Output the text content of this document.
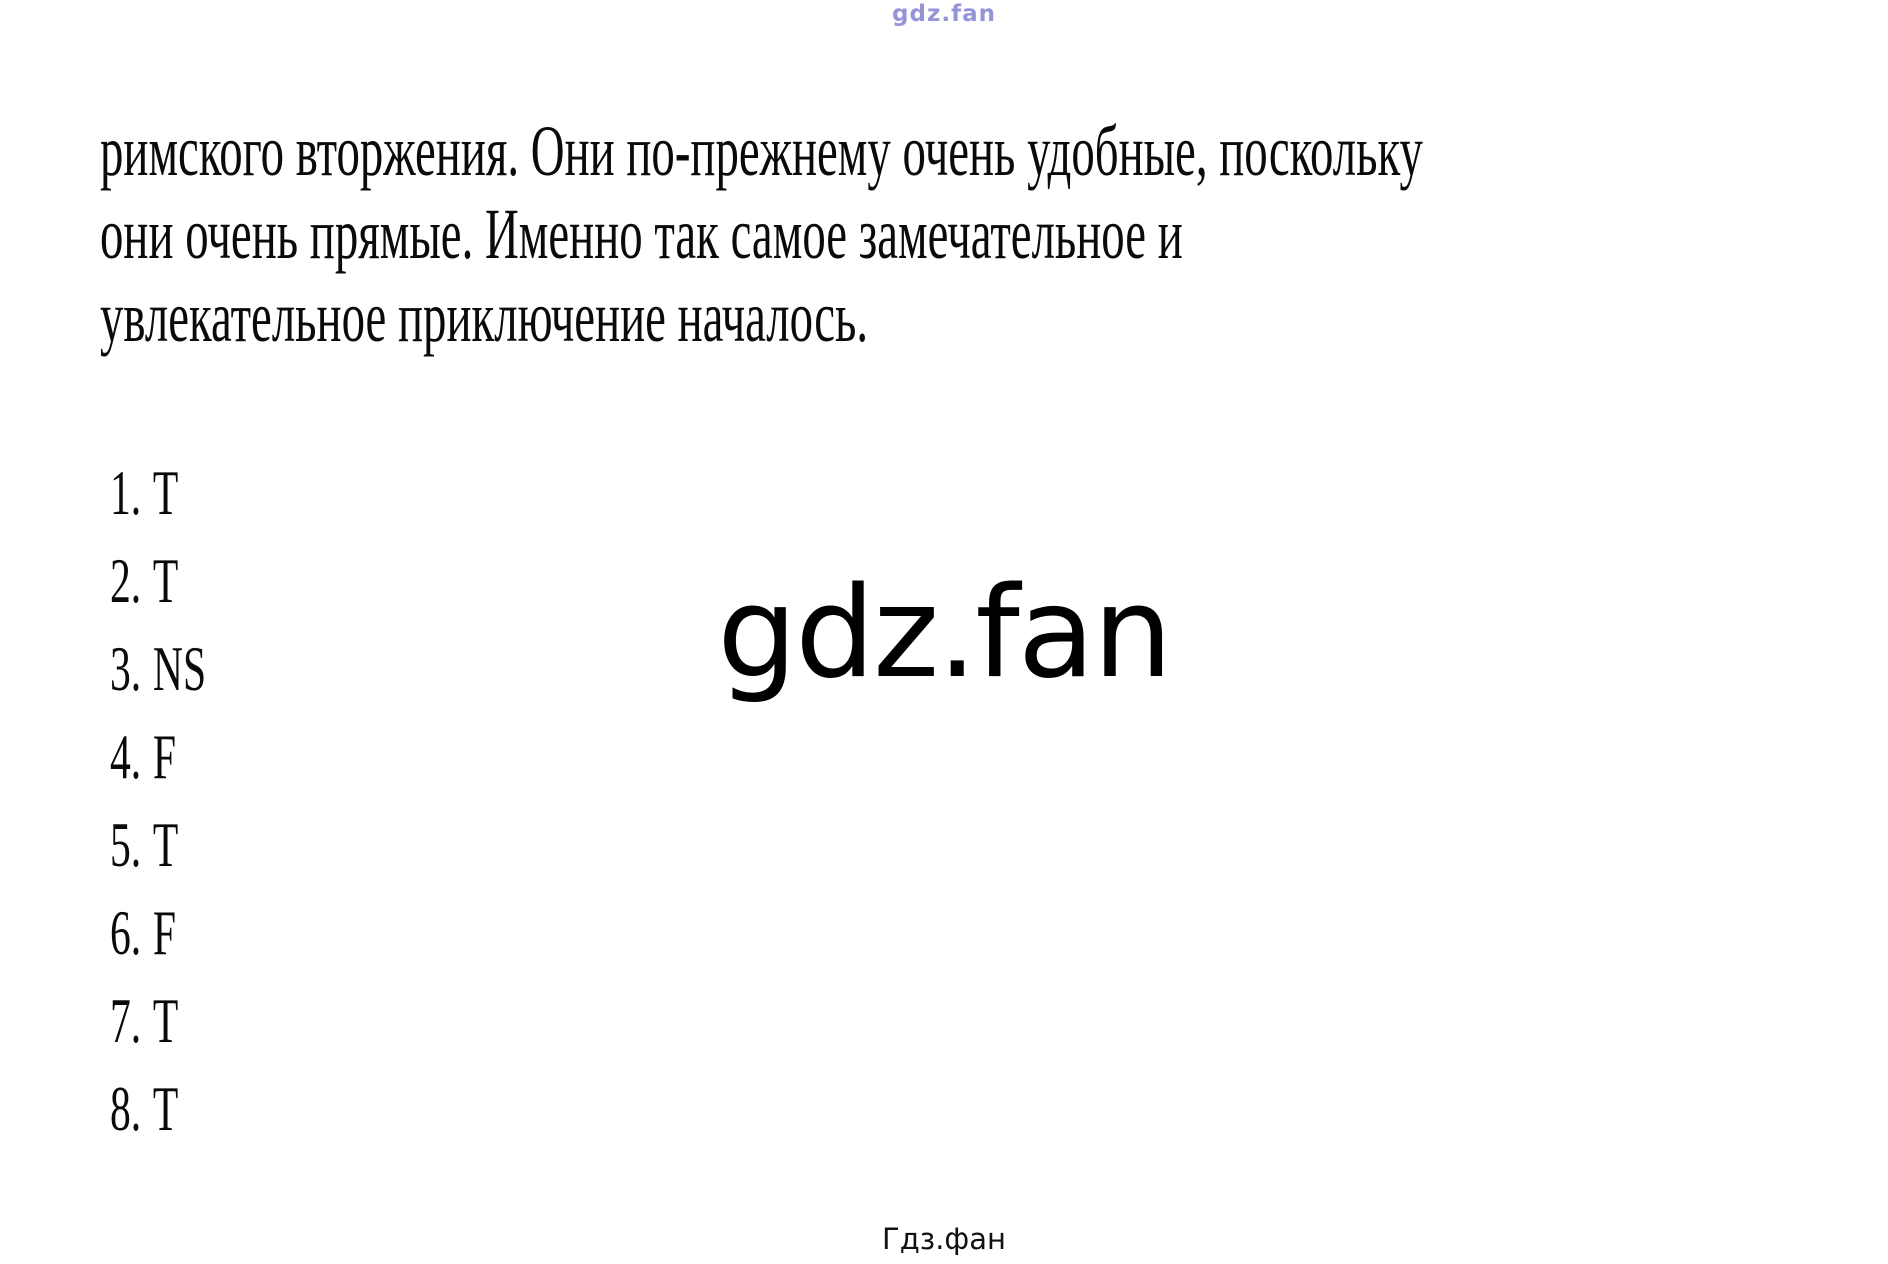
gdz.fan
римского вторжения. Они по-прежнему очень удобные, поскольку
они очень прямые. Именно так самое замечательное и
увлекательное приключение началось.
1. T
2. T
3. NS
4. F
5. T
6. F
7. T
8. T
gdz.fan
Гдз.фан
